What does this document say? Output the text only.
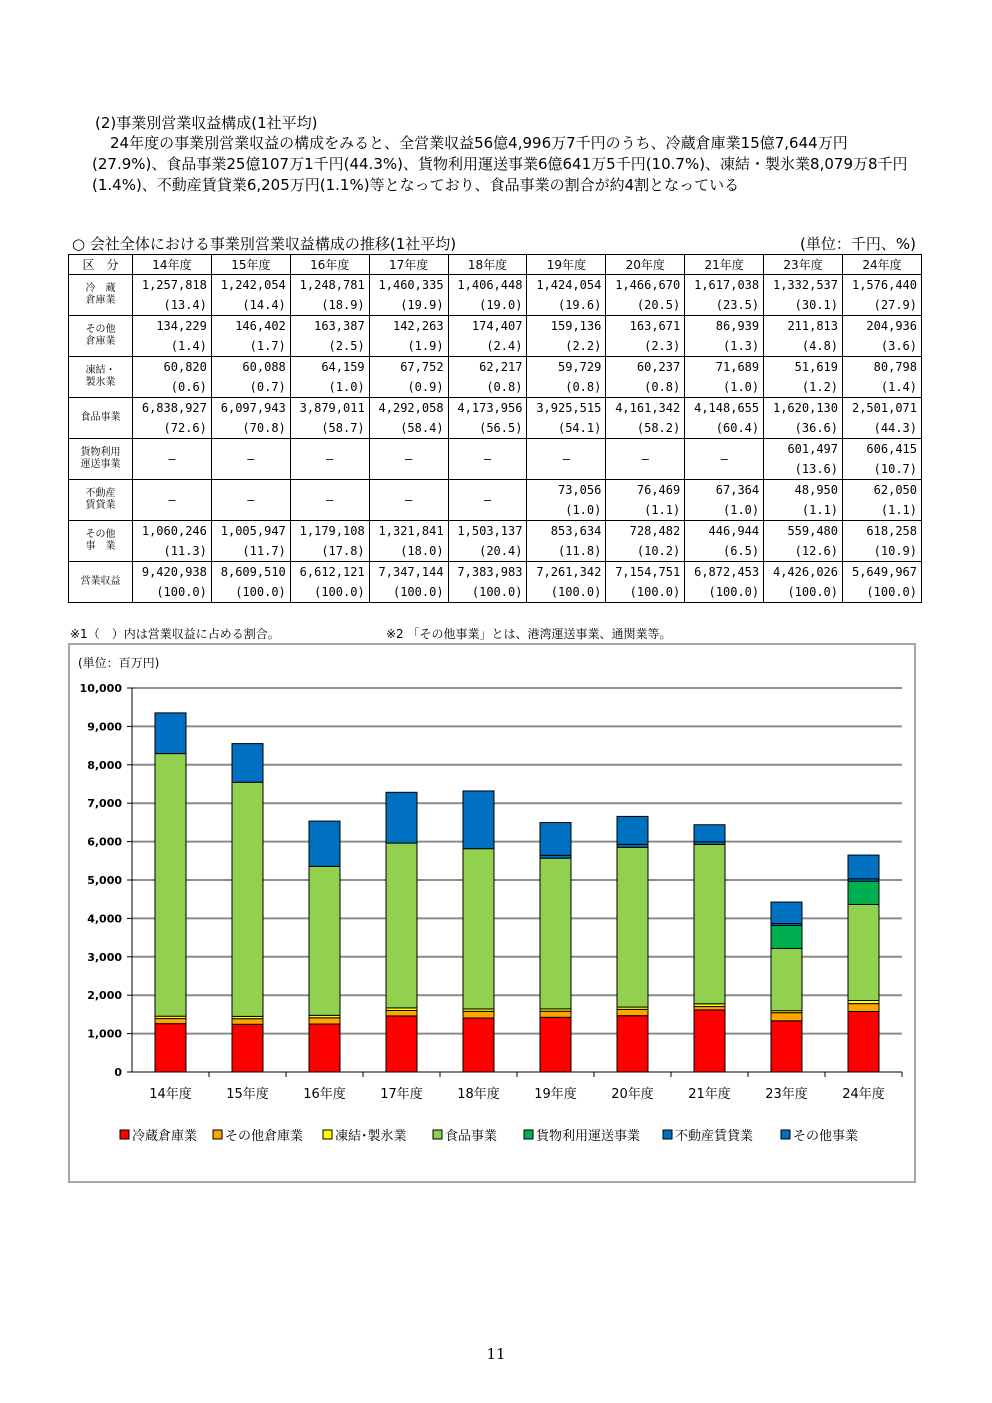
(2)事業別営業収益構成(1社平均)
24年度の事業別営業収益の構成をみると、全営業収益56億4,996万7千円のうち、冷蔵倉庫業15億7,644万円(27.9%)、食品事業25億107万1千円(44.3%)、貨物利用運送事業6億641万5千円(10.7%)、凍結・製氷業8,079万8千円(1.4%)、不動産賃貸業6,205万円(1.1%)等となっており、食品事業の割合が約4割となっている
○ 会社全体における事業別営業収益構成の推移(1社平均)	(単位：千円、%)
区　分	14年度	15年度	16年度	17年度	18年度	19年度	20年度	21年度	23年度	24年度

冷　蔵
倉庫業	1,257,818	1,242,054	1,248,781	1,460,335	1,406,448	1,424,054	1,466,670	1,617,038	1,332,537	1,576,440
	(13.4)	(14.4)	(18.9)	(19.9)	(19.0)	(19.6)	(20.5)	(23.5)	(30.1)	(27.9)

その他
倉庫業	134,229	146,402	163,387	142,263	174,407	159,136	163,671	86,939	211,813	204,936
	(1.4)	(1.7)	(2.5)	(1.9)	(2.4)	(2.2)	(2.3)	(1.3)	(4.8)	(3.6)

凍結・
製氷業	60,820	60,088	64,159	67,752	62,217	59,729	60,237	71,689	51,619	80,798
	(0.6)	(0.7)	(1.0)	(0.9)	(0.8)	(0.8)	(0.8)	(1.0)	(1.2)	(1.4)

食品事業	6,838,927	6,097,943	3,879,011	4,292,058	4,173,956	3,925,515	4,161,342	4,148,655	1,620,130	2,501,071
	(72.6)	(70.8)	(58.7)	(58.4)	(56.5)	(54.1)	(58.2)	(60.4)	(36.6)	(44.3)

貨物利用
運送事業	—	—	—	—	—	—	—	—	601,497	606,415
									(13.6)	(10.7)

不動産
賃貸業	—	—	—	—	—	73,056	76,469	67,364	48,950	62,050
						(1.0)	(1.1)	(1.0)	(1.1)	(1.1)

その他
事　業	1,060,246	1,005,947	1,179,108	1,321,841	1,503,137	853,634	728,482	446,944	559,480	618,258
	(11.3)	(11.7)	(17.8)	(18.0)	(20.4)	(11.8)	(10.2)	(6.5)	(12.6)	(10.9)

営業収益	9,420,938	8,609,510	6,612,121	7,347,144	7,383,983	7,261,342	7,154,751	6,872,453	4,426,026	5,649,967
	(100.0)	(100.0)	(100.0)	(100.0)	(100.0)	(100.0)	(100.0)	(100.0)	(100.0)	(100.0)
※1（　）内は営業収益に占める割合。	※2 「その他事業」とは、港湾運送事業、通関業等。
(単位：百万円)
0
1,000
2,000
3,000
4,000
5,000
6,000
7,000
8,000
9,000
10,000
14年度	15年度	16年度	17年度	18年度	19年度	20年度	21年度	23年度	24年度
冷蔵倉庫業 その他倉庫業 凍結･製氷業	食品事業	貨物利用運送事業	不動産賃貸業	その他事業
11
